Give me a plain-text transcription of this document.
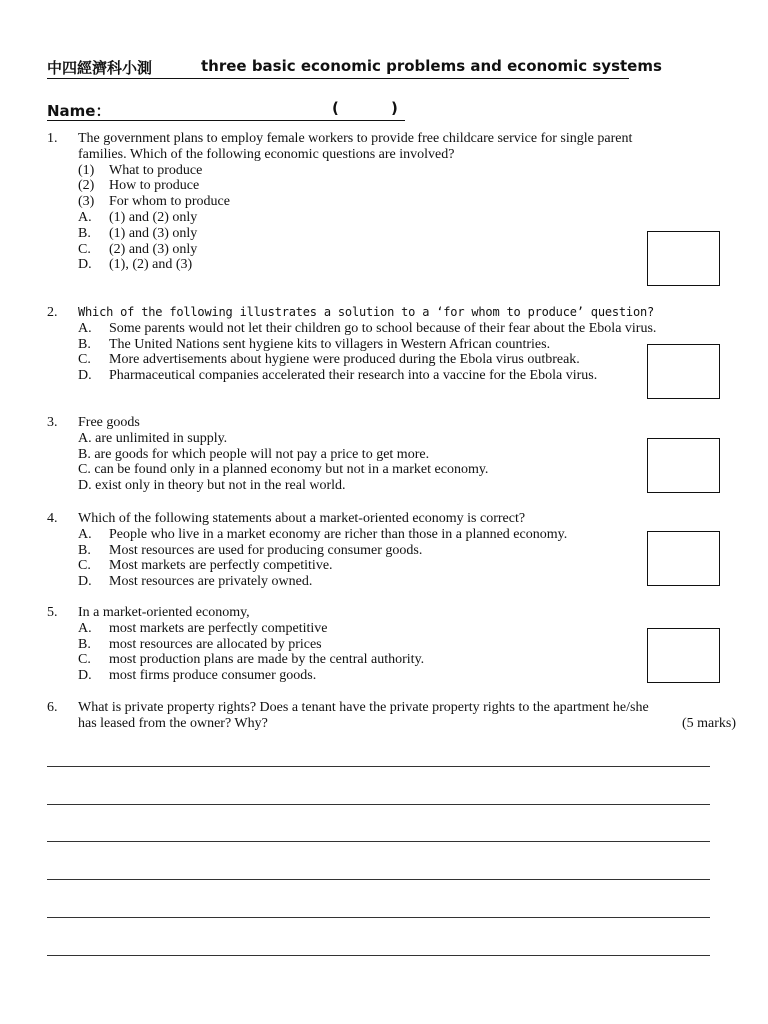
中四經濟科小測	three basic economic problems and economic systems
Name：	(	)
1. The government plans to employ female workers to provide free childcare service for single parent
families. Which of the following economic questions are involved?
(1) What to produce
(2) How to produce
(3) For whom to produce
A. (1) and (2) only
B. (1) and (3) only
C. (2) and (3) only
D. (1), (2) and (3)
2. Which of the following illustrates a solution to a ‘for whom to produce’ question?
A. Some parents would not let their children go to school because of their fear about the Ebola virus.
B. The United Nations sent hygiene kits to villagers in Western African countries.
C. More advertisements about hygiene were produced during the Ebola virus outbreak.
D. Pharmaceutical companies accelerated their research into a vaccine for the Ebola virus.
3. Free goods
A. are unlimited in supply.
B. are goods for which people will not pay a price to get more.
C. can be found only in a planned economy but not in a market economy.
D. exist only in theory but not in the real world.
4. Which of the following statements about a market-oriented economy is correct?
A. People who live in a market economy are richer than those in a planned economy.
B. Most resources are used for producing consumer goods.
C. Most markets are perfectly competitive.
D. Most resources are privately owned.
5. In a market-oriented economy,
A. most markets are perfectly competitive
B. most resources are allocated by prices
C. most production plans are made by the central authority.
D. most firms produce consumer goods.
6. What is private property rights? Does a tenant have the private property rights to the apartment he/she
has leased from the owner? Why?	(5 marks)
